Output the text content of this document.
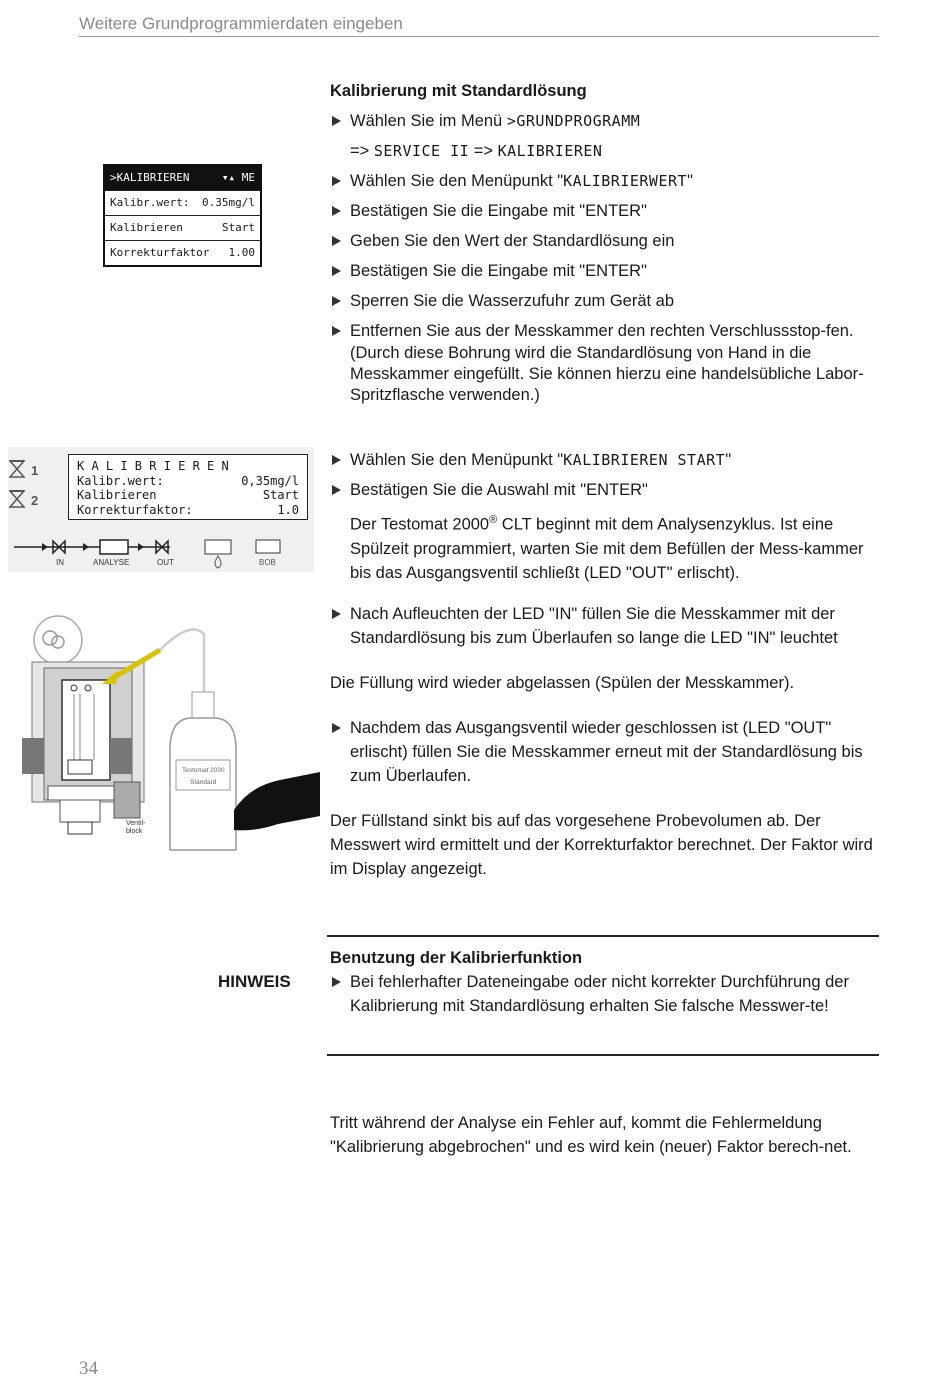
Weitere Grundprogrammierdaten eingeben
Kalibrierung mit Standardlösung
Wählen Sie im Menü >GRUNDPROGRAMM
=> SERVICE II => KALIBRIEREN
Wählen Sie den Menüpunkt "KALIBRIERWERT"
Bestätigen Sie die Eingabe mit "ENTER"
Geben Sie den Wert der Standardlösung ein
Bestätigen Sie die Eingabe mit "ENTER"
Sperren Sie die Wasserzufuhr zum Gerät ab
Entfernen Sie aus der Messkammer den rechten Verschlussstop-fen.
(Durch diese Bohrung wird die Standardlösung von Hand in die Messkammer eingefüllt. Sie können hierzu eine handelsübliche Labor-Spritzflasche verwenden.)
>KALIBRIEREN	▾▴ ME
Kalibr.wert: 0.35mg/l
Kalibrieren	Start
Korrekturfaktor 1.00
Wählen Sie den Menüpunkt "KALIBRIEREN START"
Bestätigen Sie die Auswahl mit "ENTER"
Der Testomat 2000® CLT beginnt mit dem Analysenzyklus. Ist eine Spülzeit programmiert, warten Sie mit dem Befüllen der Mess-kammer bis das Ausgangsventil schließt (LED "OUT" erlischt).
K A L I B R I E R E N
Kalibr.wert:	0,35mg/l
Kalibrieren	Start
Korrekturfaktor:	1.0
1
2
IN	ANALYSE	OUT	BOB
Nach Aufleuchten der LED "IN" füllen Sie die Messkammer mit der Standardlösung bis zum Überlaufen so lange die LED "IN" leuchtet
Die Füllung wird wieder abgelassen (Spülen der Messkammer).
Nachdem das Ausgangsventil wieder geschlossen ist (LED "OUT" erlischt) füllen Sie die Messkammer erneut mit der Standardlösung bis zum Überlaufen.
Der Füllstand sinkt bis auf das vorgesehene Probevolumen ab. Der Messwert wird ermittelt und der Korrekturfaktor berechnet. Der Faktor wird im Display angezeigt.
Ventil-
block
Testomat 2000
Standard
HINWEIS
Benutzung der Kalibrierfunktion
Bei fehlerhafter Dateneingabe oder nicht korrekter Durchführung der Kalibrierung mit Standardlösung erhalten Sie falsche Messwer-te!
Tritt während der Analyse ein Fehler auf, kommt die Fehlermeldung "Kalibrierung abgebrochen" und es wird kein (neuer) Faktor berech-net.
34
